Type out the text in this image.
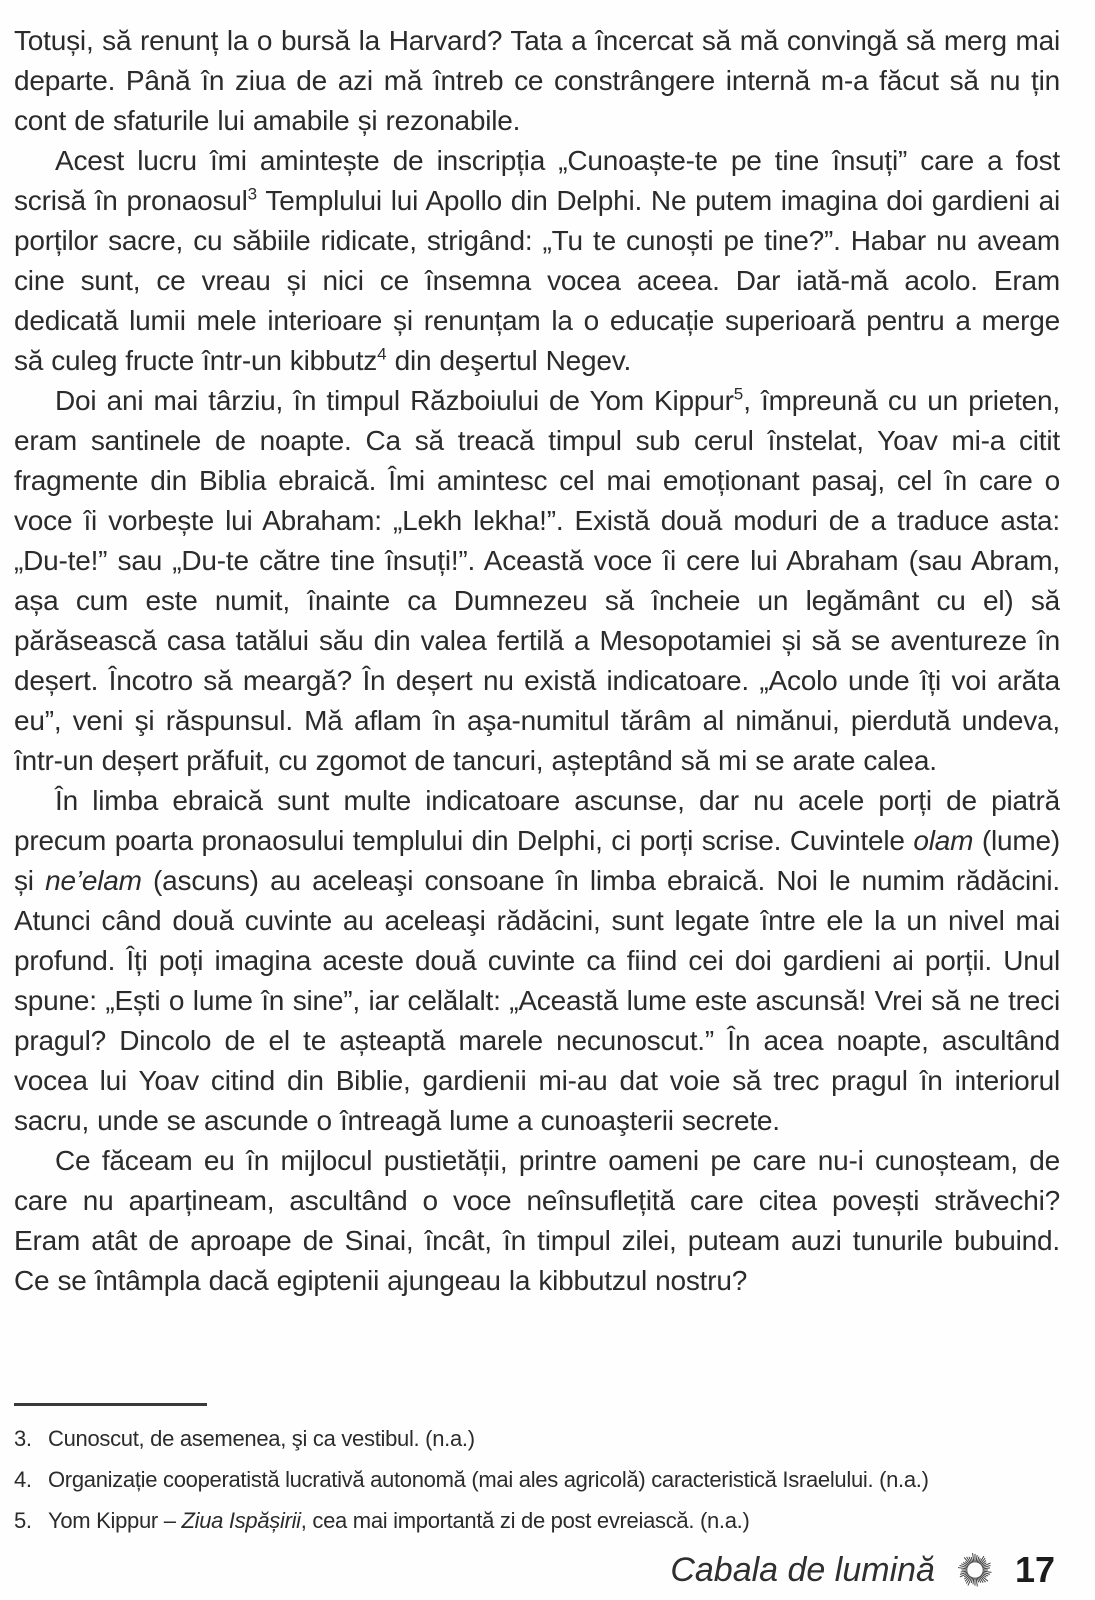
Totuși, să renunț la o bursă la Harvard? Tata a încercat să mă convingă să merg mai departe. Până în ziua de azi mă întreb ce constrângere internă m-a făcut să nu țin cont de sfaturile lui amabile și rezonabile.

Acest lucru îmi amintește de inscripția „Cunoaște-te pe tine însuți” care a fost scrisă în pronaosul$^3$ Templului lui Apollo din Delphi. Ne putem imagina doi gardieni ai porților sacre, cu săbiile ridicate, strigând: „Tu te cunoști pe tine?”. Habar nu aveam cine sunt, ce vreau și nici ce însemna vocea aceea. Dar iată-mă acolo. Eram dedicată lumii mele interioare și renunțam la o educație superioară pentru a merge să culeg fructe într-un kibbutz$^4$ din deşertul Negev.

Doi ani mai târziu, în timpul Războiului de Yom Kippur$^5$, împreună cu un prieten, eram santinele de noapte. Ca să treacă timpul sub cerul înstelat, Yoav mi-a citit fragmente din Biblia ebraică. Îmi amintesc cel mai emoționant pasaj, cel în care o voce îi vorbește lui Abraham: „Lekh lekha!”. Există două moduri de a traduce asta: „Du-te!” sau „Du-te către tine însuți!”. Această voce îi cere lui Abraham (sau Abram, așa cum este numit, înainte ca Dumnezeu să încheie un legământ cu el) să părăsească casa tatălui său din valea fertilă a Mesopotamiei și să se aventureze în deșert. Încotro să meargă? În deșert nu există indicatoare. „Acolo unde îți voi arăta eu”, veni şi răspunsul. Mă aflam în aşa-numitul tărâm al nimănui, pierdută undeva, într-un deșert prăfuit, cu zgomot de tancuri, așteptând să mi se arate calea.

În limba ebraică sunt multe indicatoare ascunse, dar nu acele porți de piatră precum poarta pronaosului templului din Delphi, ci porți scrise. Cuvintele olam (lume) și ne’elam (ascuns) au aceleaşi consoane în limba ebraică. Noi le numim rădăcini. Atunci când două cuvinte au aceleaşi rădăcini, sunt legate între ele la un nivel mai profund. Îți poți imagina aceste două cuvinte ca fiind cei doi gardieni ai porții. Unul spune: „Ești o lume în sine”, iar celălalt: „Această lume este ascunsă! Vrei să ne treci pragul? Dincolo de el te așteaptă marele necunoscut.” În acea noapte, ascultând vocea lui Yoav citind din Biblie, gardienii mi-au dat voie să trec pragul în interiorul sacru, unde se ascunde o întreagă lume a cunoaşterii secrete.

Ce făceam eu în mijlocul pustietății, printre oameni pe care nu-i cunoșteam, de care nu aparțineam, ascultând o voce neînsuflețită care citea povești străvechi? Eram atât de aproape de Sinai, încât, în timpul zilei, puteam auzi tunurile bubuind. Ce se întâmpla dacă egiptenii ajungeau la kibbutzul nostru?

3. Cunoscut, de asemenea, şi ca vestibul. (n.a.)
4. Organizație cooperatistă lucrativă autonomă (mai ales agricolă) caracteristică Israelului. (n.a.)
5. Yom Kippur – Ziua Ispășirii, cea mai importantă zi de post evreiască. (n.a.)
Cabala de lumină 17
